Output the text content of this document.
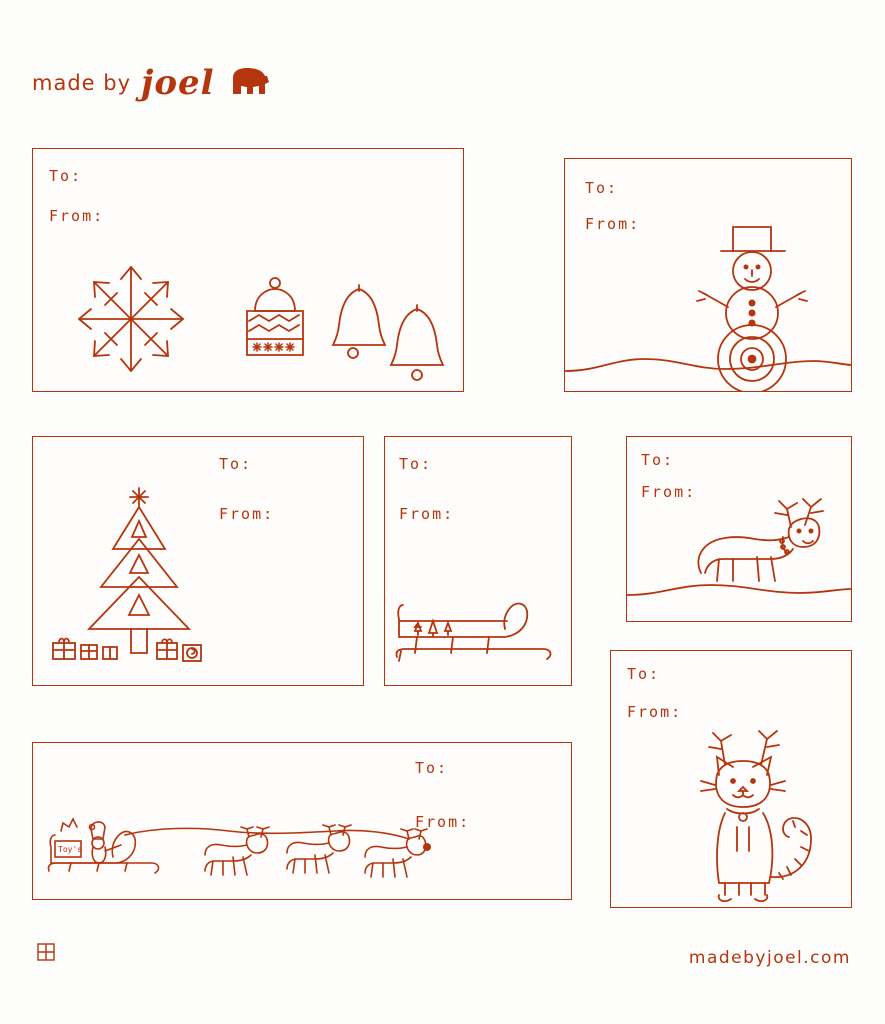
made by joel
To:
From:
To:
From:
To:
From:
To:
From:
To:
From:
To:
From:
To:
From:
Toy's
madebyjoel.com
